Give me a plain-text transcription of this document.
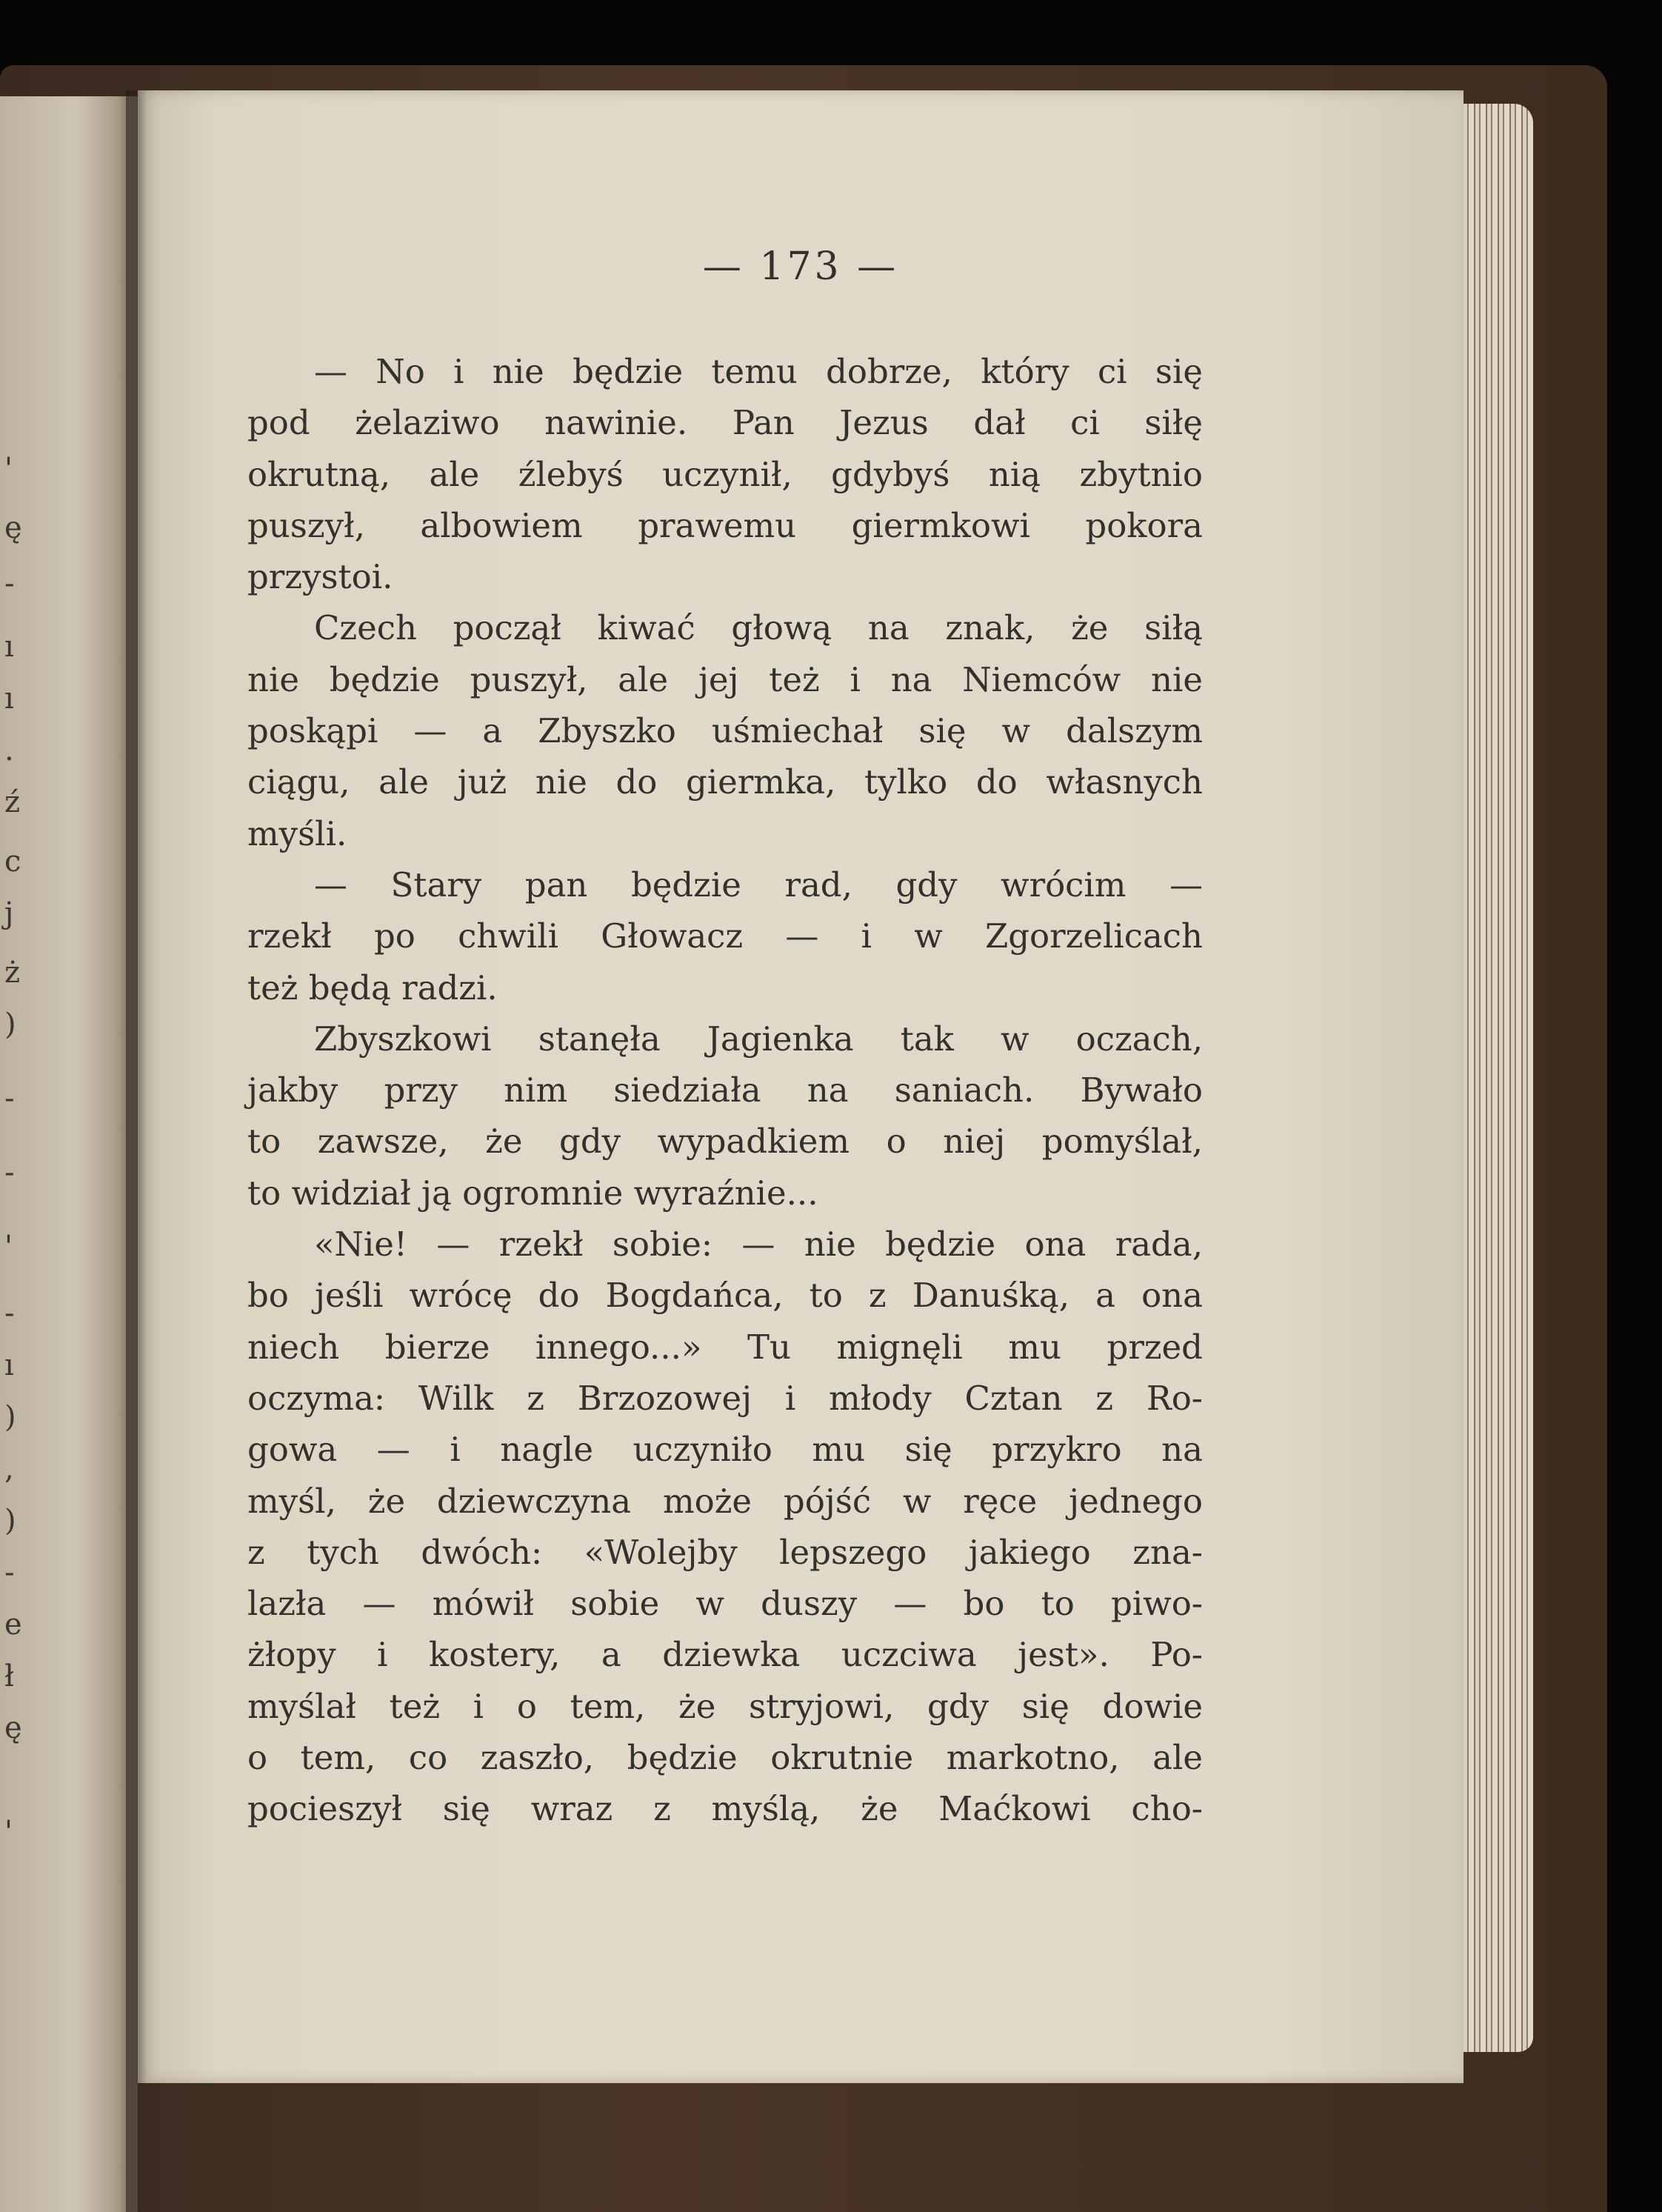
'
ę
-
ı
ı
.
ź
c
j
ż
)
-
-
'
-
ı
)
,
)
-
e
ł
ę
'
— 173 —
— No i nie będzie temu dobrze, który ci się
pod żelaziwo nawinie. Pan Jezus dał ci siłę
okrutną, ale źlebyś uczynił, gdybyś nią zbytnio
puszył, albowiem prawemu giermkowi pokora
przystoi.
Czech począł kiwać głową na znak, że siłą
nie będzie puszył, ale jej też i na Niemców nie
poskąpi — a Zbyszko uśmiechał się w dalszym
ciągu, ale już nie do giermka, tylko do własnych
myśli.
— Stary pan będzie rad, gdy wrócim —
rzekł po chwili Głowacz — i w Zgorzelicach
też będą radzi.
Zbyszkowi stanęła Jagienka tak w oczach,
jakby przy nim siedziała na saniach. Bywało
to zawsze, że gdy wypadkiem o niej pomyślał,
to widział ją ogromnie wyraźnie...
«Nie! — rzekł sobie: — nie będzie ona rada,
bo jeśli wrócę do Bogdańca, to z Danuśką, a ona
niech bierze innego...» Tu mignęli mu przed
oczyma: Wilk z Brzozowej i młody Cztan z Ro-
gowa — i nagle uczyniło mu się przykro na
myśl, że dziewczyna może pójść w ręce jednego
z tych dwóch: «Wolejby lepszego jakiego zna-
lazła — mówił sobie w duszy — bo to piwo-
żłopy i kostery, a dziewka uczciwa jest». Po-
myślał też i o tem, że stryjowi, gdy się dowie
o tem, co zaszło, będzie okrutnie markotno, ale
pocieszył się wraz z myślą, że Maćkowi cho-
